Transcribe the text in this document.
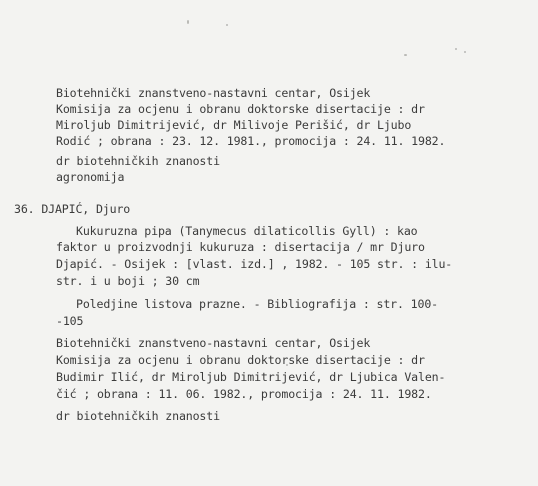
Biotehnički znanstveno-nastavni centar, Osijek
Komisija za ocjenu i obranu doktorske disertacije : dr
Miroljub Dimitrijević, dr Milivoje Perišić, dr Ljubo
Rodić ; obrana : 23. 12. 1981., promocija : 24. 11. 1982.
dr biotehničkih znanosti
agronomija
36. DJAPIĆ, Djuro
Kukuruzna pipa (Tanymecus dilaticollis Gyll) : kao
faktor u proizvodnji kukuruza : disertacija / mr Djuro
Djapić. - Osijek : [vlast. izd.] , 1982. - 105 str. : ilu-
str. i u boji ; 30 cm
Poledjine listova prazne. - Bibliografija : str. 100-
-105
Biotehnički znanstveno-nastavni centar, Osijek
Komisija za ocjenu i obranu doktorske disertacije : dr
Budimir Ilić, dr Miroljub Dimitrijević, dr Ljubica Valen-
čić ; obrana : 11. 06. 1982., promocija : 24. 11. 1982.
dr biotehničkih znanosti
